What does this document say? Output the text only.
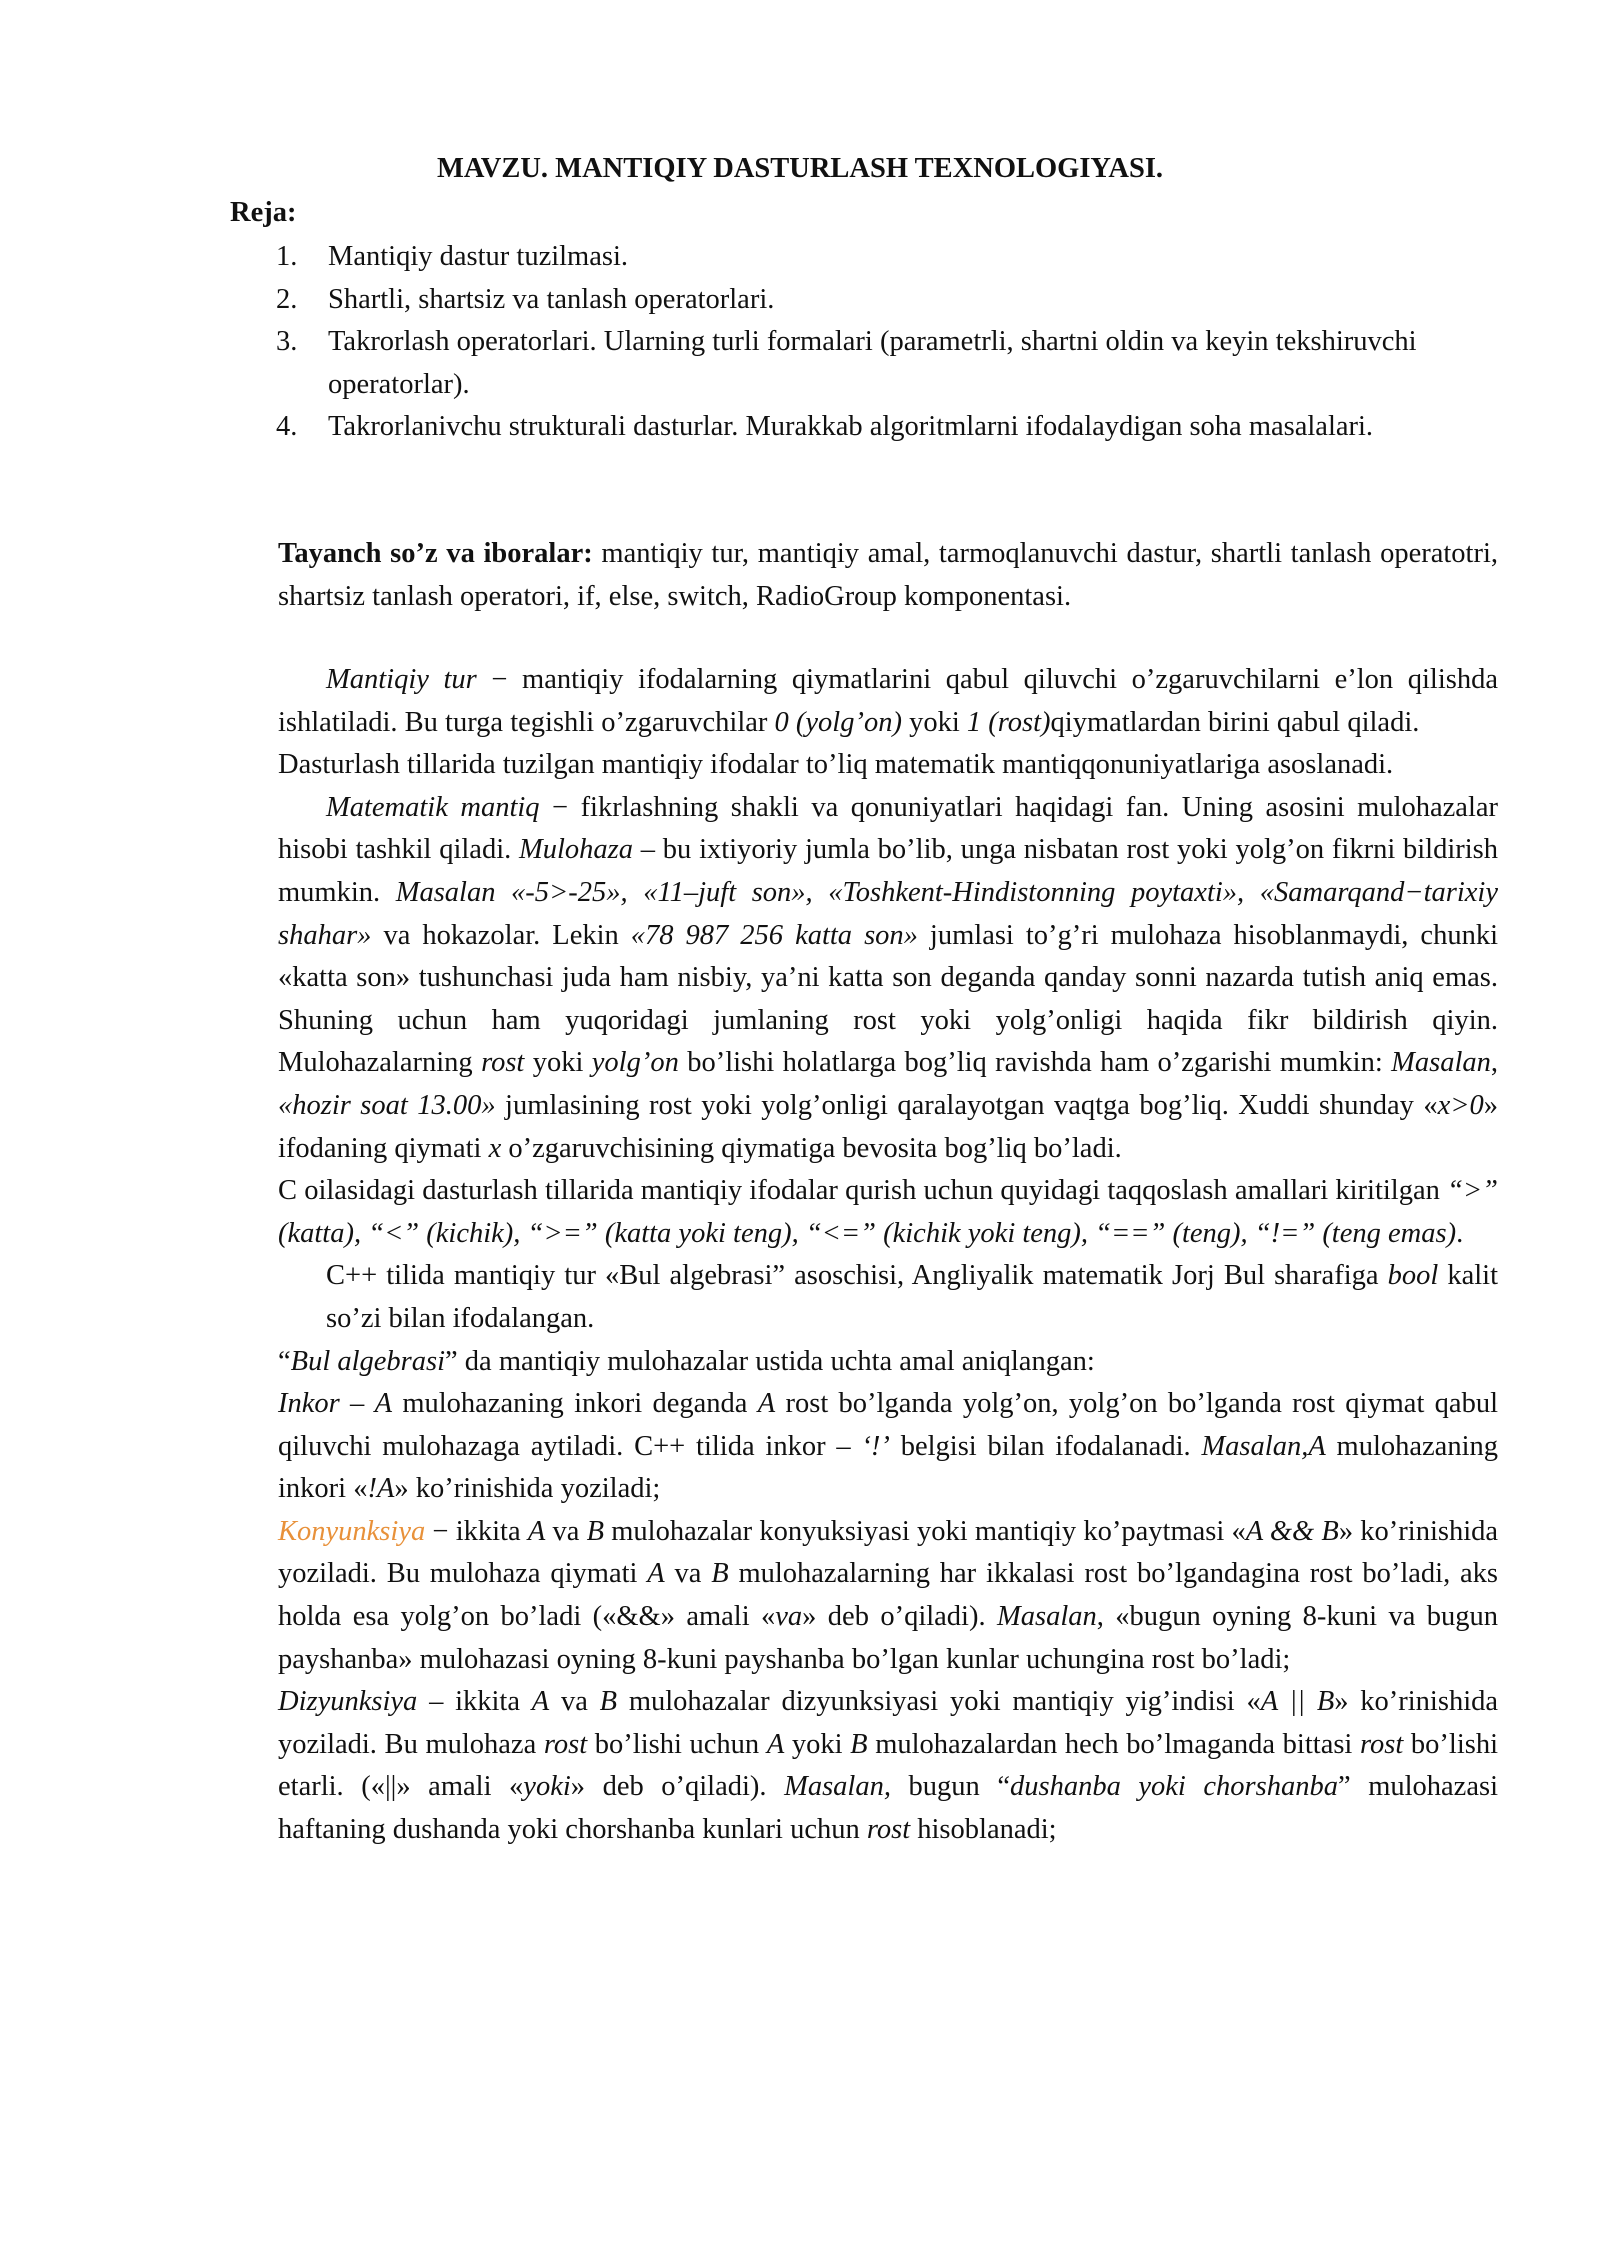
MAVZU. MANTIQIY DASTURLASH TEXNOLOGIYASI.
Reja:
1. Mantiqiy dastur tuzilmasi.
2. Shartli, shartsiz va tanlash operatorlari.
3. Takrorlash operatorlari. Ularning turli formalari (parametrli, shartni oldin va keyin tekshiruvchi operatorlar).
4. Takrorlanivchu strukturali dasturlar. Murakkab algoritmlarni ifodalaydigan soha masalalari.
Tayanch so’z va iboralar: mantiqiy tur, mantiqiy amal, tarmoqlanuvchi dastur, shartli tanlash operatotri, shartsiz tanlash operatori, if, else, switch, RadioGroup komponentasi.

Mantiqiy tur − mantiqiy ifodalarning qiymatlarini qabul qiluvchi o’zgaruvchilarni e’lon qilishda ishlatiladi. Bu turga tegishli o’zgaruvchilar 0 (yolg’on) yoki 1 (rost)qiymatlardan birini qabul qiladi.

Dasturlash tillarida tuzilgan mantiqiy ifodalar to’liq matematik mantiqqonuniyatlariga asoslanadi.

Matematik mantiq − fikrlashning shakli va qonuniyatlari haqidagi fan. Uning asosini mulohazalar hisobi tashkil qiladi. Mulohaza – bu ixtiyoriy jumla bo’lib, unga nisbatan rost yoki yolg’on fikrni bildirish mumkin. Masalan «-5>-25», «11–juft son», «Toshkent-Hindistonning poytaxti», «Samarqand−tarixiy shahar» va hokazolar. Lekin «78 987 256 katta son» jumlasi to’g’ri mulohaza hisoblanmaydi, chunki «katta son» tushunchasi juda ham nisbiy, ya’ni katta son deganda qanday sonni nazarda tutish aniq emas. Shuning uchun ham yuqoridagi jumlaning rost yoki yolg’onligi haqida fikr bildirish qiyin. Mulohazalarning rost yoki yolg’on bo’lishi holatlarga bog’liq ravishda ham o’zgarishi mumkin: Masalan, «hozir soat 13.00» jumlasining rost yoki yolg’onligi qaralayotgan vaqtga bog’liq. Xuddi shunday «x>0» ifodaning qiymati x o’zgaruvchisining qiymatiga bevosita bog’liq bo’ladi.

C oilasidagi dasturlash tillarida mantiqiy ifodalar qurish uchun quyidagi taqqoslash amallari kiritilgan “>” (katta), “<” (kichik), “>=” (katta yoki teng), “<=” (kichik yoki teng), “==” (teng), “!=” (teng emas).

C++ tilida mantiqiy tur «Bul algebrasi” asoschisi, Angliyalik matematik Jorj Bul sharafiga bool kalit so’zi bilan ifodalangan.

“Bul algebrasi” da mantiqiy mulohazalar ustida uchta amal aniqlangan:

Inkor – A mulohazaning inkori deganda A rost bo’lganda yolg’on, yolg’on bo’lganda rost qiymat qabul qiluvchi mulohazaga aytiladi. C++ tilida inkor – ‘!’ belgisi bilan ifodalanadi. Masalan,A mulohazaning inkori «!A» ko’rinishida yoziladi;

Konyunksiya − ikkita A va B mulohazalar konyuksiyasi yoki mantiqiy ko’paytmasi «A && B» ko’rinishida yoziladi. Bu mulohaza qiymati A va B mulohazalarning har ikkalasi rost bo’lgandagina rost bo’ladi, aks holda esa yolg’on bo’ladi («&&» amali «va» deb o’qiladi). Masalan, «bugun oyning 8-kuni va bugun payshanba» mulohazasi oyning 8-kuni payshanba bo’lgan kunlar uchungina rost bo’ladi;

Dizyunksiya – ikkita A va B mulohazalar dizyunksiyasi yoki mantiqiy yig’indisi «A || B» ko’rinishida yoziladi. Bu mulohaza rost bo’lishi uchun A yoki B mulohazalardan hech bo’lmaganda bittasi rost bo’lishi etarli. («||» amali «yoki» deb o’qiladi). Masalan, bugun “dushanba yoki chorshanba” mulohazasi haftaning dushanda yoki chorshanba kunlari uchun rost hisoblanadi;
